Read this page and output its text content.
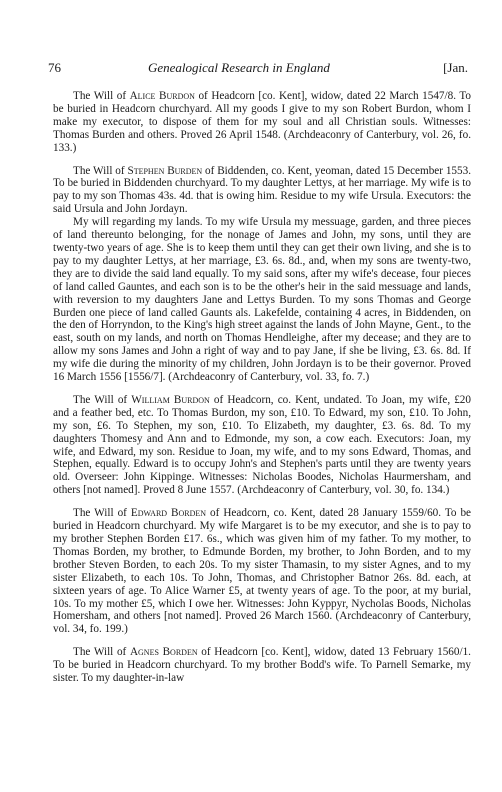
76	Genealogical Research in England	[Jan.

The Will of Alice Burdon of Headcorn [co. Kent], widow, dated 22 March 1547/8. To be buried in Headcorn churchyard. All my goods I give to my son Robert Burdon, whom I make my executor, to dispose of them for my soul and all Christian souls. Witnesses: Thomas Burden and others. Proved 26 April 1548. (Archdeaconry of Canterbury, vol. 26, fo. 133.)

The Will of Stephen Burden of Biddenden, co. Kent, yeoman, dated 15 December 1553. To be buried in Biddenden churchyard. To my daughter Lettys, at her marriage. My wife is to pay to my son Thomas 43s. 4d. that is owing him. Residue to my wife Ursula. Executors: the said Ursula and John Jordayn.

My will regarding my lands. To my wife Ursula my messuage, garden, and three pieces of land thereunto belonging, for the nonage of James and John, my sons, until they are twenty-two years of age. She is to keep them until they can get their own living, and she is to pay to my daughter Lettys, at her marriage, £3. 6s. 8d., and, when my sons are twenty-two, they are to divide the said land equally. To my said sons, after my wife's decease, four pieces of land called Gauntes, and each son is to be the other's heir in the said messuage and lands, with reversion to my daughters Jane and Lettys Burden. To my sons Thomas and George Burden one piece of land called Gaunts als. Lakefelde, containing 4 acres, in Biddenden, on the den of Horryndon, to the King's high street against the lands of John Mayne, Gent., to the east, south on my lands, and north on Thomas Hendleighe, after my decease; and they are to allow my sons James and John a right of way and to pay Jane, if she be living, £3. 6s. 8d. If my wife die during the minority of my children, John Jordayn is to be their governor. Proved 16 March 1556 [1556/7]. (Archdeaconry of Canterbury, vol. 33, fo. 7.)

The Will of William Burdon of Headcorn, co. Kent, undated. To Joan, my wife, £20 and a feather bed, etc. To Thomas Burdon, my son, £10. To Edward, my son, £10. To John, my son, £6. To Stephen, my son, £10. To Elizabeth, my daughter, £3. 6s. 8d. To my daughters Thomesy and Ann and to Edmonde, my son, a cow each. Executors: Joan, my wife, and Edward, my son. Residue to Joan, my wife, and to my sons Edward, Thomas, and Stephen, equally. Edward is to occupy John's and Stephen's parts until they are twenty years old. Overseer: John Kippinge. Witnesses: Nicholas Boodes, Nicholas Haurmersham, and others [not named]. Proved 8 June 1557. (Archdeaconry of Canterbury, vol. 30, fo. 134.)

The Will of Edward Borden of Headcorn, co. Kent, dated 28 January 1559/60. To be buried in Headcorn churchyard. My wife Margaret is to be my executor, and she is to pay to my brother Stephen Borden £17. 6s., which was given him of my father. To my mother, to Thomas Borden, my brother, to Edmunde Borden, my brother, to John Borden, and to my brother Steven Borden, to each 20s. To my sister Thamasin, to my sister Agnes, and to my sister Elizabeth, to each 10s. To John, Thomas, and Christopher Batnor 26s. 8d. each, at sixteen years of age. To Alice Warner £5, at twenty years of age. To the poor, at my burial, 10s. To my mother £5, which I owe her. Witnesses: John Kyppyr, Nycholas Boods, Nicholas Homersham, and others [not named]. Proved 26 March 1560. (Archdeaconry of Canterbury, vol. 34, fo. 199.)

The Will of Agnes Borden of Headcorn [co. Kent], widow, dated 13 February 1560/1. To be buried in Headcorn churchyard. To my brother Bodd's wife. To Parnell Semarke, my sister. To my daughter-in-law
